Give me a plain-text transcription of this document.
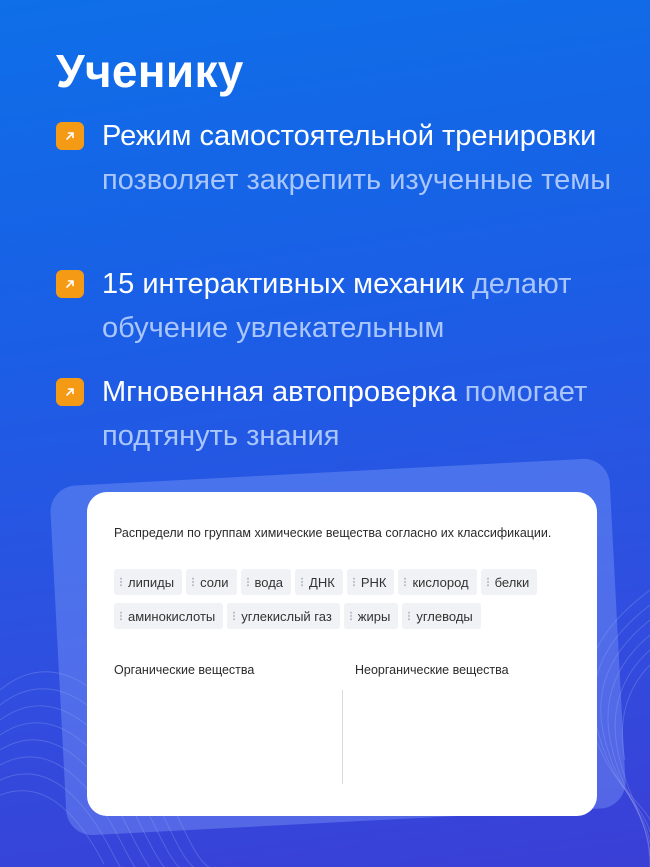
Ученику
Режим самостоятельной тренировки позволяет закрепить изученные темы
15 интерактивных механик делают обучение увлекательным
Мгновенная автопроверка помогает подтянуть знания

Распредели по группам химические вещества согласно их классификации.

липиды соли вода ДНК РНК кислород белки

аминокислоты углекислый газ жиры углеводы

Органические вещества	Неорганические вещества
